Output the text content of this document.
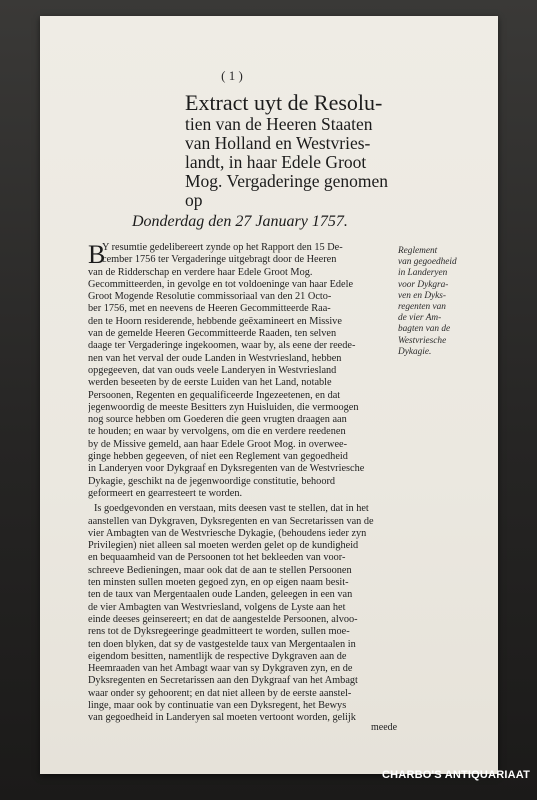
( 1 )
Extract uyt de Resolu-
tien van de Heeren Staaten
van Holland en Westvries-
landt, in haar Edele Groot
Mog. Vergaderinge genomen
op
Donderdag den 27 January 1757.
B
Y resumtie gedelibereert zynde op het Rapport den 15 De-
cember 1756 ter Vergaderinge uitgebragt door de Heeren
van de Ridderschap en verdere haar Edele Groot Mog.
Gecommitteerden, in gevolge en tot voldoeninge van haar Edele
Groot Mogende Resolutie commissoriaal van den 21 Octo-
ber 1756, met en neevens de Heeren Gecommitteerde Raa-
den te Hoorn residerende, hebbende geëxamineert en Missive
van de gemelde Heeren Gecommitteerde Raaden, ten selven
daage ter Vergaderinge ingekoomen, waar by, als eene der reede-
nen van het verval der oude Landen in Westvriesland, hebben
opgegeeven, dat van ouds veele Landeryen in Westvriesland
werden beseeten by de eerste Luiden van het Land, notable
Persoonen, Regenten en gequalificeerde Ingezeetenen, en dat
jegenwoordig de meeste Besitters zyn Huisluiden, die vermoogen
nog source hebben om Goederen die geen vrugten draagen aan
te houden; en waar by vervolgens, om die en verdere reedenen
by de Missive gemeld, aan haar Edele Groot Mog. in overwee-
ginge hebben gegeeven, of niet een Reglement van gegoedheid
in Landeryen voor Dykgraaf en Dyksregenten van de Westvriesche
Dykagie, geschikt na de jegenwoordige constitutie, behoord
geformeert en gearresteert te worden.
Is goedgevonden en verstaan, mits deesen vast te stellen, dat in het
aanstellen van Dykgraven, Dyksregenten en van Secretarissen van de
vier Ambagten van de Westvriesche Dykagie, (behoudens ieder zyn
Privilegien) niet alleen sal moeten werden gelet op de kundigheid
en bequaamheid van de Persoonen tot het bekleeden van voor-
schreeve Bedieningen, maar ook dat de aan te stellen Persoonen
ten minsten sullen moeten gegoed zyn, en op eigen naam besit-
ten de taux van Mergentaalen oude Landen, geleegen in een van
de vier Ambagten van Westvriesland, volgens de Lyste aan het
einde deeses geinsereert; en dat de aangestelde Persoonen, alvoo-
rens tot de Dyksregeeringe geadmitteert te worden, sullen moe-
ten doen blyken, dat sy de vastgestelde taux van Mergentaalen in
eigendom besitten, namentlijk de respective Dykgraven aan de
Heemraaden van het Ambagt waar van sy Dykgraven zyn, en de
Dyksregenten en Secretarissen aan den Dykgraaf van het Ambagt
waar onder sy gehoorent; en dat niet alleen by de eerste aanstel-
linge, maar ook by continuatie van een Dyksregent, het Bewys
van gegoedheid in Landeryen sal moeten vertoont worden, gelijk
Reglement
van gegoedheid
in Landeryen
voor Dykgra-
ven en Dyks-
regenten van
de vier Am-
bagten van de
Westvriesche
Dykagie.
meede
CHARBO'S ANTIQUARIAAT
